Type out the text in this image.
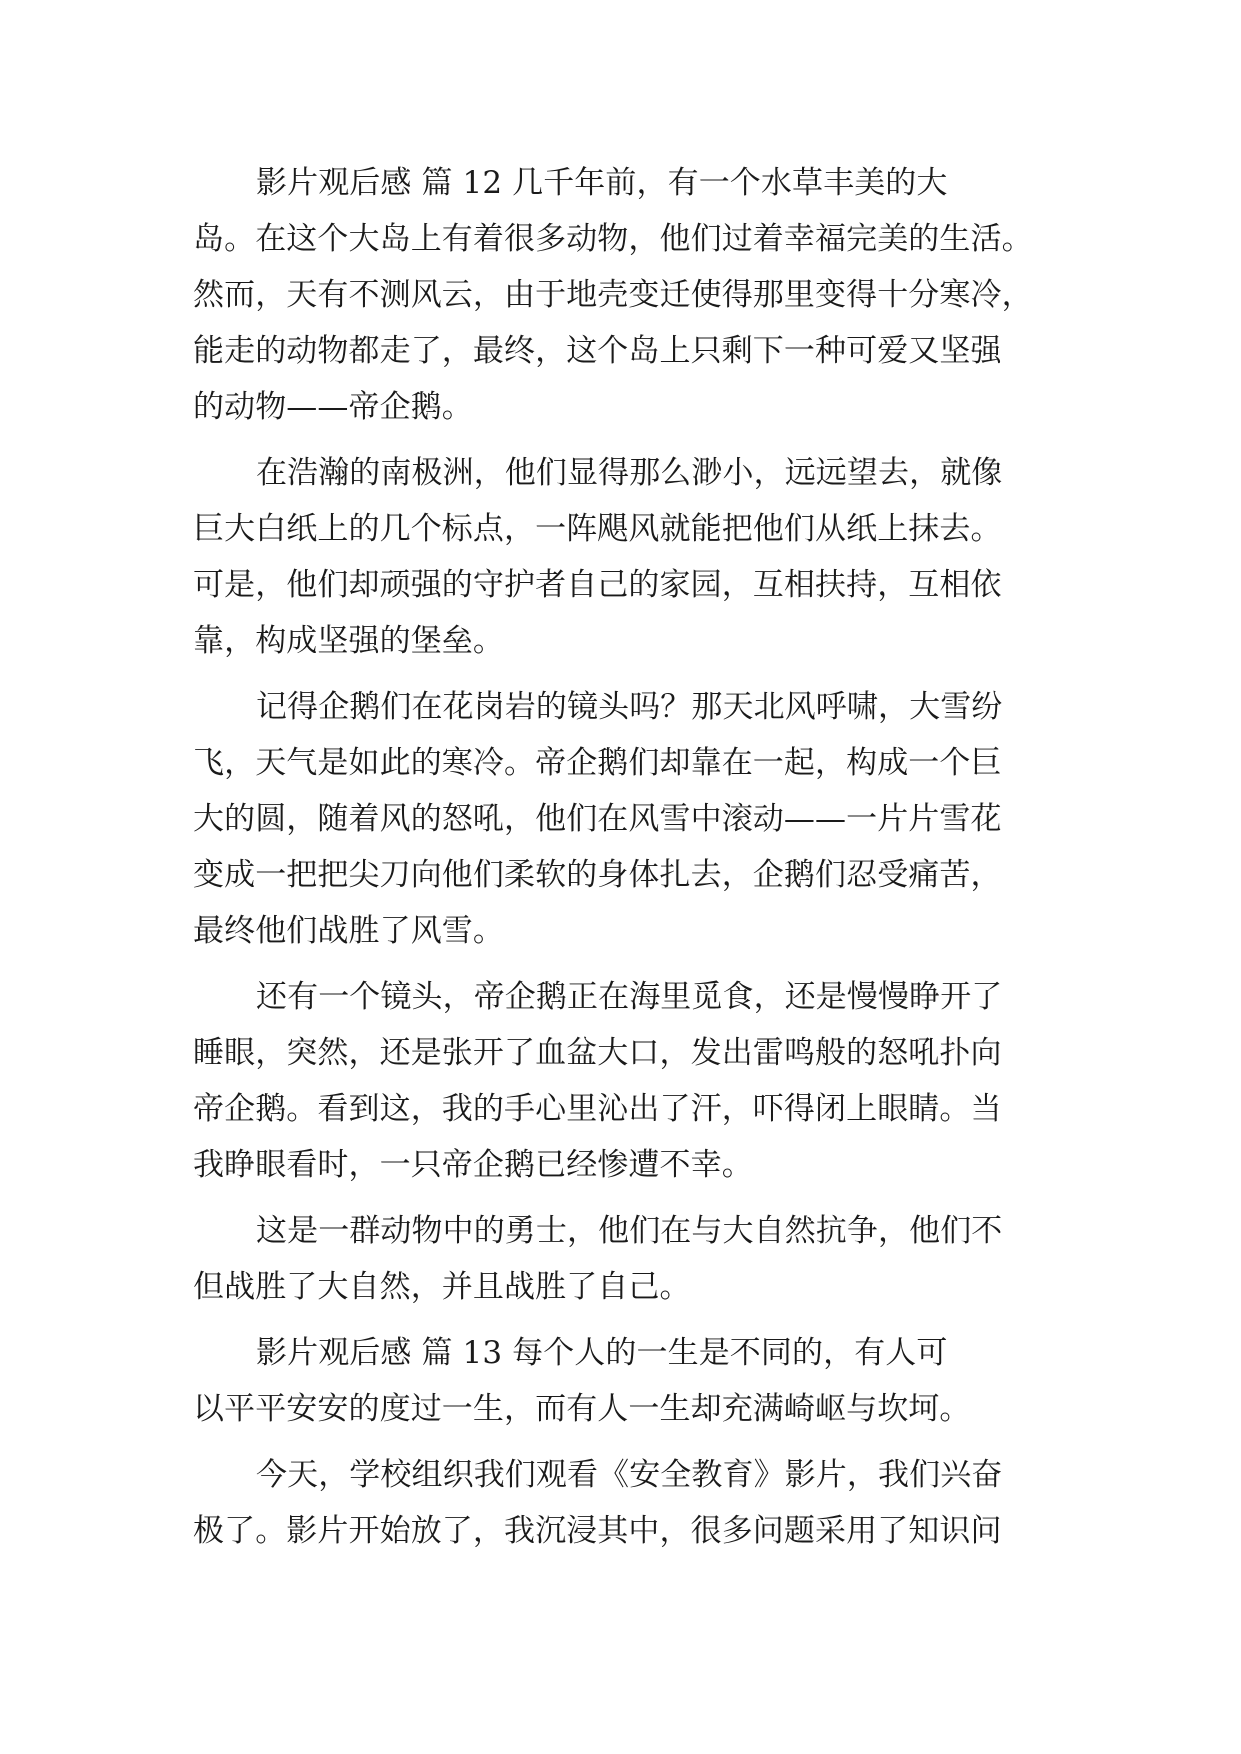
影片观后感 篇 12 几千年前，有一个水草丰美的大
岛。在这个大岛上有着很多动物，他们过着幸福完美的生活。
然而，天有不测风云，由于地壳变迁使得那里变得十分寒冷，
能走的动物都走了，最终，这个岛上只剩下一种可爱又坚强
的动物——帝企鹅。
在浩瀚的南极洲，他们显得那么渺小，远远望去，就像
巨大白纸上的几个标点，一阵飓风就能把他们从纸上抹去。
可是，他们却顽强的守护者自己的家园，互相扶持，互相依
靠，构成坚强的堡垒。
记得企鹅们在花岗岩的镜头吗？那天北风呼啸，大雪纷
飞，天气是如此的寒冷。帝企鹅们却靠在一起，构成一个巨
大的圆，随着风的怒吼，他们在风雪中滚动——一片片雪花
变成一把把尖刀向他们柔软的身体扎去，企鹅们忍受痛苦，
最终他们战胜了风雪。
还有一个镜头，帝企鹅正在海里觅食，还是慢慢睁开了
睡眼，突然，还是张开了血盆大口，发出雷鸣般的怒吼扑向
帝企鹅。看到这，我的手心里沁出了汗，吓得闭上眼睛。当
我睁眼看时，一只帝企鹅已经惨遭不幸。
这是一群动物中的勇士，他们在与大自然抗争，他们不
但战胜了大自然，并且战胜了自己。
影片观后感 篇 13 每个人的一生是不同的，有人可
以平平安安的度过一生，而有人一生却充满崎岖与坎坷。
今天，学校组织我们观看《安全教育》影片，我们兴奋
极了。影片开始放了，我沉浸其中，很多问题采用了知识问
